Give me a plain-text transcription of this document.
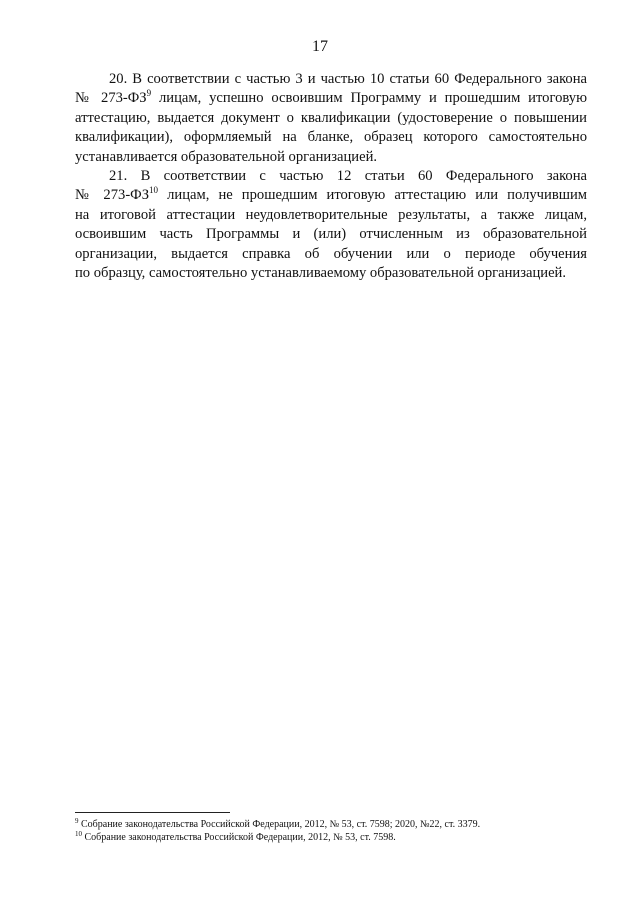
17

20. В соответствии с частью 3 и частью 10 статьи 60 Федерального закона
№ $273-ФЗ^9$ лицам, успешно освоившим Программу и прошедшим итоговую
аттестацию, выдается документ о квалификации (удостоверение о повышении
квалификации), оформляемый на бланке, образец которого самостоятельно
устанавливается образовательной организацией.

21. В соответствии с частью 12 статьи 60 Федерального закона
№ 273-ФЗ$^{10}$ лицам, не прошедшим итоговую аттестацию или получившим
на итоговой аттестации неудовлетворительные результаты, а также лицам,
освоившим часть Программы и (или) отчисленным из образовательной
организации, выдается справка об обучении или о периоде обучения
по образцу, самостоятельно устанавливаемому образовательной организацией.

$^9$ Собрание законодательства Российской Федерации, 2012, № 53, ст. 7598; 2020, №22, ст. 3379.
$^{10}$ Собрание законодательства Российской Федерации, 2012, № 53, ст. 7598.
